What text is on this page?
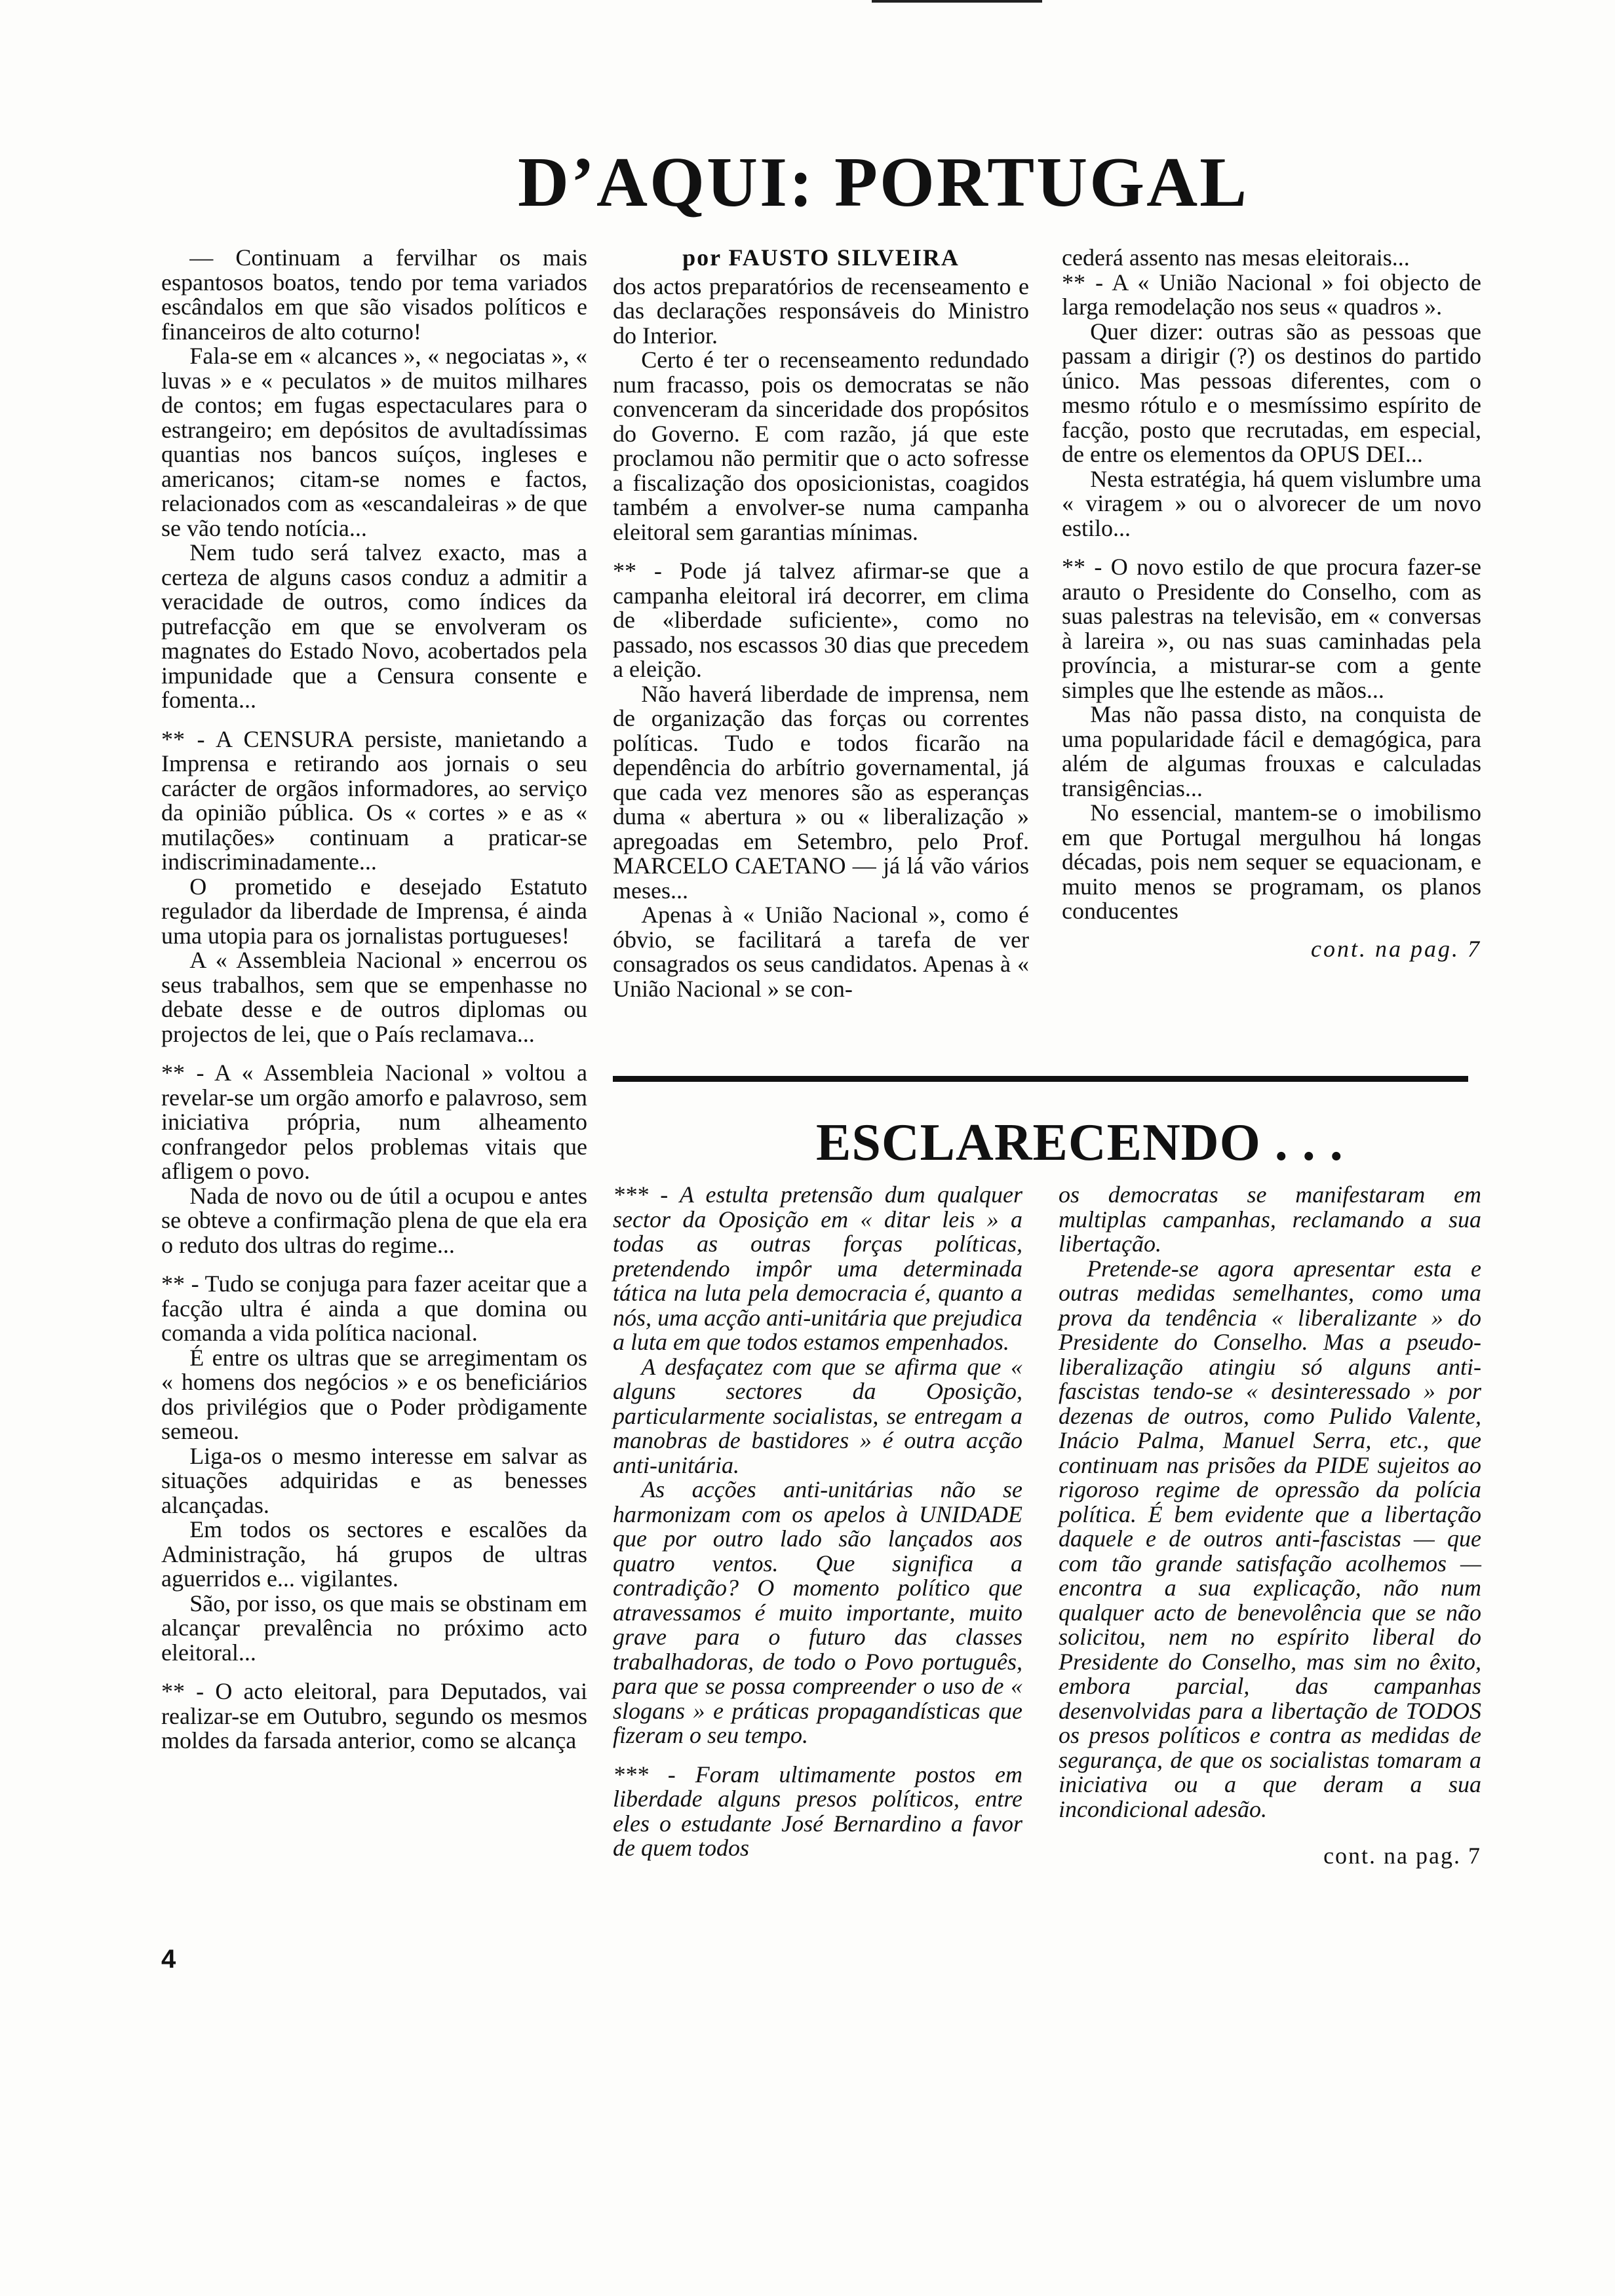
D’AQUI: PORTUGAL

— Continuam a fervilhar os mais espantosos boatos, tendo por tema variados escândalos em que são visados políticos e financeiros de alto coturno!

Fala-se em « alcances », « negociatas », « luvas » e « peculatos » de muitos milhares de contos; em fugas espectaculares para o estrangeiro; em depósitos de avultadíssimas quantias nos bancos suíços, ingleses e americanos; citam-se nomes e factos, relacionados com as «escandaleiras » de que se vão tendo notícia...

Nem tudo será talvez exacto, mas a certeza de alguns casos conduz a admitir a veracidade de outros, como índices da putrefacção em que se envolveram os magnates do Estado Novo, acobertados pela impunidade que a Censura consente e fomenta...

** - A CENSURA persiste, manietando a Imprensa e retirando aos jornais o seu carácter de orgãos informadores, ao serviço da opinião pública. Os « cortes » e as « mutilações» continuam a praticar-se indiscriminadamente...

O prometido e desejado Estatuto regulador da liberdade de Imprensa, é ainda uma utopia para os jornalistas portugueses!

A « Assembleia Nacional » encerrou os seus trabalhos, sem que se empenhasse no debate desse e de outros diplomas ou projectos de lei, que o País reclamava...

** - A « Assembleia Nacional » voltou a revelar-se um orgão amorfo e palavroso, sem iniciativa própria, num alheamento confrangedor pelos problemas vitais que afligem o povo.

Nada de novo ou de útil a ocupou e antes se obteve a confirmação plena de que ela era o reduto dos ultras do regime...

** - Tudo se conjuga para fazer aceitar que a facção ultra é ainda a que domina ou comanda a vida política nacional.

É entre os ultras que se arregimentam os « homens dos negócios » e os beneficiários dos privilégios que o Poder pròdigamente semeou.

Liga-os o mesmo interesse em salvar as situações adquiridas e as benesses alcançadas.

Em todos os sectores e escalões da Administração, há grupos de ultras aguerridos e... vigilantes.

São, por isso, os que mais se obstinam em alcançar prevalência no próximo acto eleitoral...

** - O acto eleitoral, para Deputados, vai realizar-se em Outubro, segundo os mesmos moldes da farsada anterior, como se alcança

por FAUSTO SILVEIRA

dos actos preparatórios de recenseamento e das declarações responsáveis do Ministro do Interior.

Certo é ter o recenseamento redundado num fracasso, pois os democratas se não convenceram da sinceridade dos propósitos do Governo. E com razão, já que este proclamou não permitir que o acto sofresse a fiscalização dos oposicionistas, coagidos também a envolver-se numa campanha eleitoral sem garantias mínimas.

** - Pode já talvez afirmar-se que a campanha eleitoral irá decorrer, em clima de «liberdade suficiente», como no passado, nos escassos 30 dias que precedem a eleição.

Não haverá liberdade de imprensa, nem de organização das forças ou correntes políticas. Tudo e todos ficarão na dependência do arbítrio governamental, já que cada vez menores são as esperanças duma « abertura » ou « liberalização » apregoadas em Setembro, pelo Prof. MARCELO CAETANO — já lá vão vários meses...

Apenas à « União Nacional », como é óbvio, se facilitará a tarefa de ver consagrados os seus candidatos. Apenas à « União Nacional » se con-

cederá assento nas mesas eleitorais...

** - A « União Nacional » foi objecto de larga remodelação nos seus « quadros ».

Quer dizer: outras são as pessoas que passam a dirigir (?) os destinos do partido único. Mas pessoas diferentes, com o mesmo rótulo e o mesmíssimo espírito de facção, posto que recrutadas, em especial, de entre os elementos da OPUS DEI...

Nesta estratégia, há quem vislumbre uma « viragem » ou o alvorecer de um novo estilo...

** - O novo estilo de que procura fazer-se arauto o Presidente do Conselho, com as suas palestras na televisão, em « conversas à lareira », ou nas suas caminhadas pela província, a misturar-se com a gente simples que lhe estende as mãos...

Mas não passa disto, na conquista de uma popularidade fácil e demagógica, para além de algumas frouxas e calculadas transigências...

No essencial, mantem-se o imobilismo em que Portugal mergulhou há longas décadas, pois nem sequer se equacionam, e muito menos se programam, os planos conducentes

cont. na pag. 7
ESCLARECENDO . . .

*** - A estulta pretensão dum qualquer sector da Oposição em « ditar leis » a todas as outras forças políticas, pretendendo impôr uma determinada tática na luta pela democracia é, quanto a nós, uma acção anti-unitária que prejudica a luta em que todos estamos empenhados.

A desfaçatez com que se afirma que « alguns sectores da Oposição, particularmente socialistas, se entregam a manobras de bastidores » é outra acção anti-unitária.

As acções anti-unitárias não se harmonizam com os apelos à UNIDADE que por outro lado são lançados aos quatro ventos. Que significa a contradição? O momento político que atravessamos é muito importante, muito grave para o futuro das classes trabalhadoras, de todo o Povo português, para que se possa compreender o uso de « slogans » e práticas propagandísticas que fizeram o seu tempo.

*** - Foram ultimamente postos em liberdade alguns presos políticos, entre eles o estudante José Bernardino a favor de quem todos

os democratas se manifestaram em multiplas campanhas, reclamando a sua libertação.

Pretende-se agora apresentar esta e outras medidas semelhantes, como uma prova da tendência « liberalizante » do Presidente do Conselho. Mas a pseudo-liberalização atingiu só alguns anti-fascistas tendo-se « desinteressado » por dezenas de outros, como Pulido Valente, Inácio Palma, Manuel Serra, etc., que continuam nas prisões da PIDE sujeitos ao rigoroso regime de opressão da polícia política. É bem evidente que a libertação daquele e de outros anti-fascistas — que com tão grande satisfação acolhemos — encontra a sua explicação, não num qualquer acto de benevolência que se não solicitou, nem no espírito liberal do Presidente do Conselho, mas sim no êxito, embora parcial, das campanhas desenvolvidas para a libertação de TODOS os presos políticos e contra as medidas de segurança, de que os socialistas tomaram a iniciativa ou a que deram a sua incondicional adesão.

cont. na pag. 7
4
